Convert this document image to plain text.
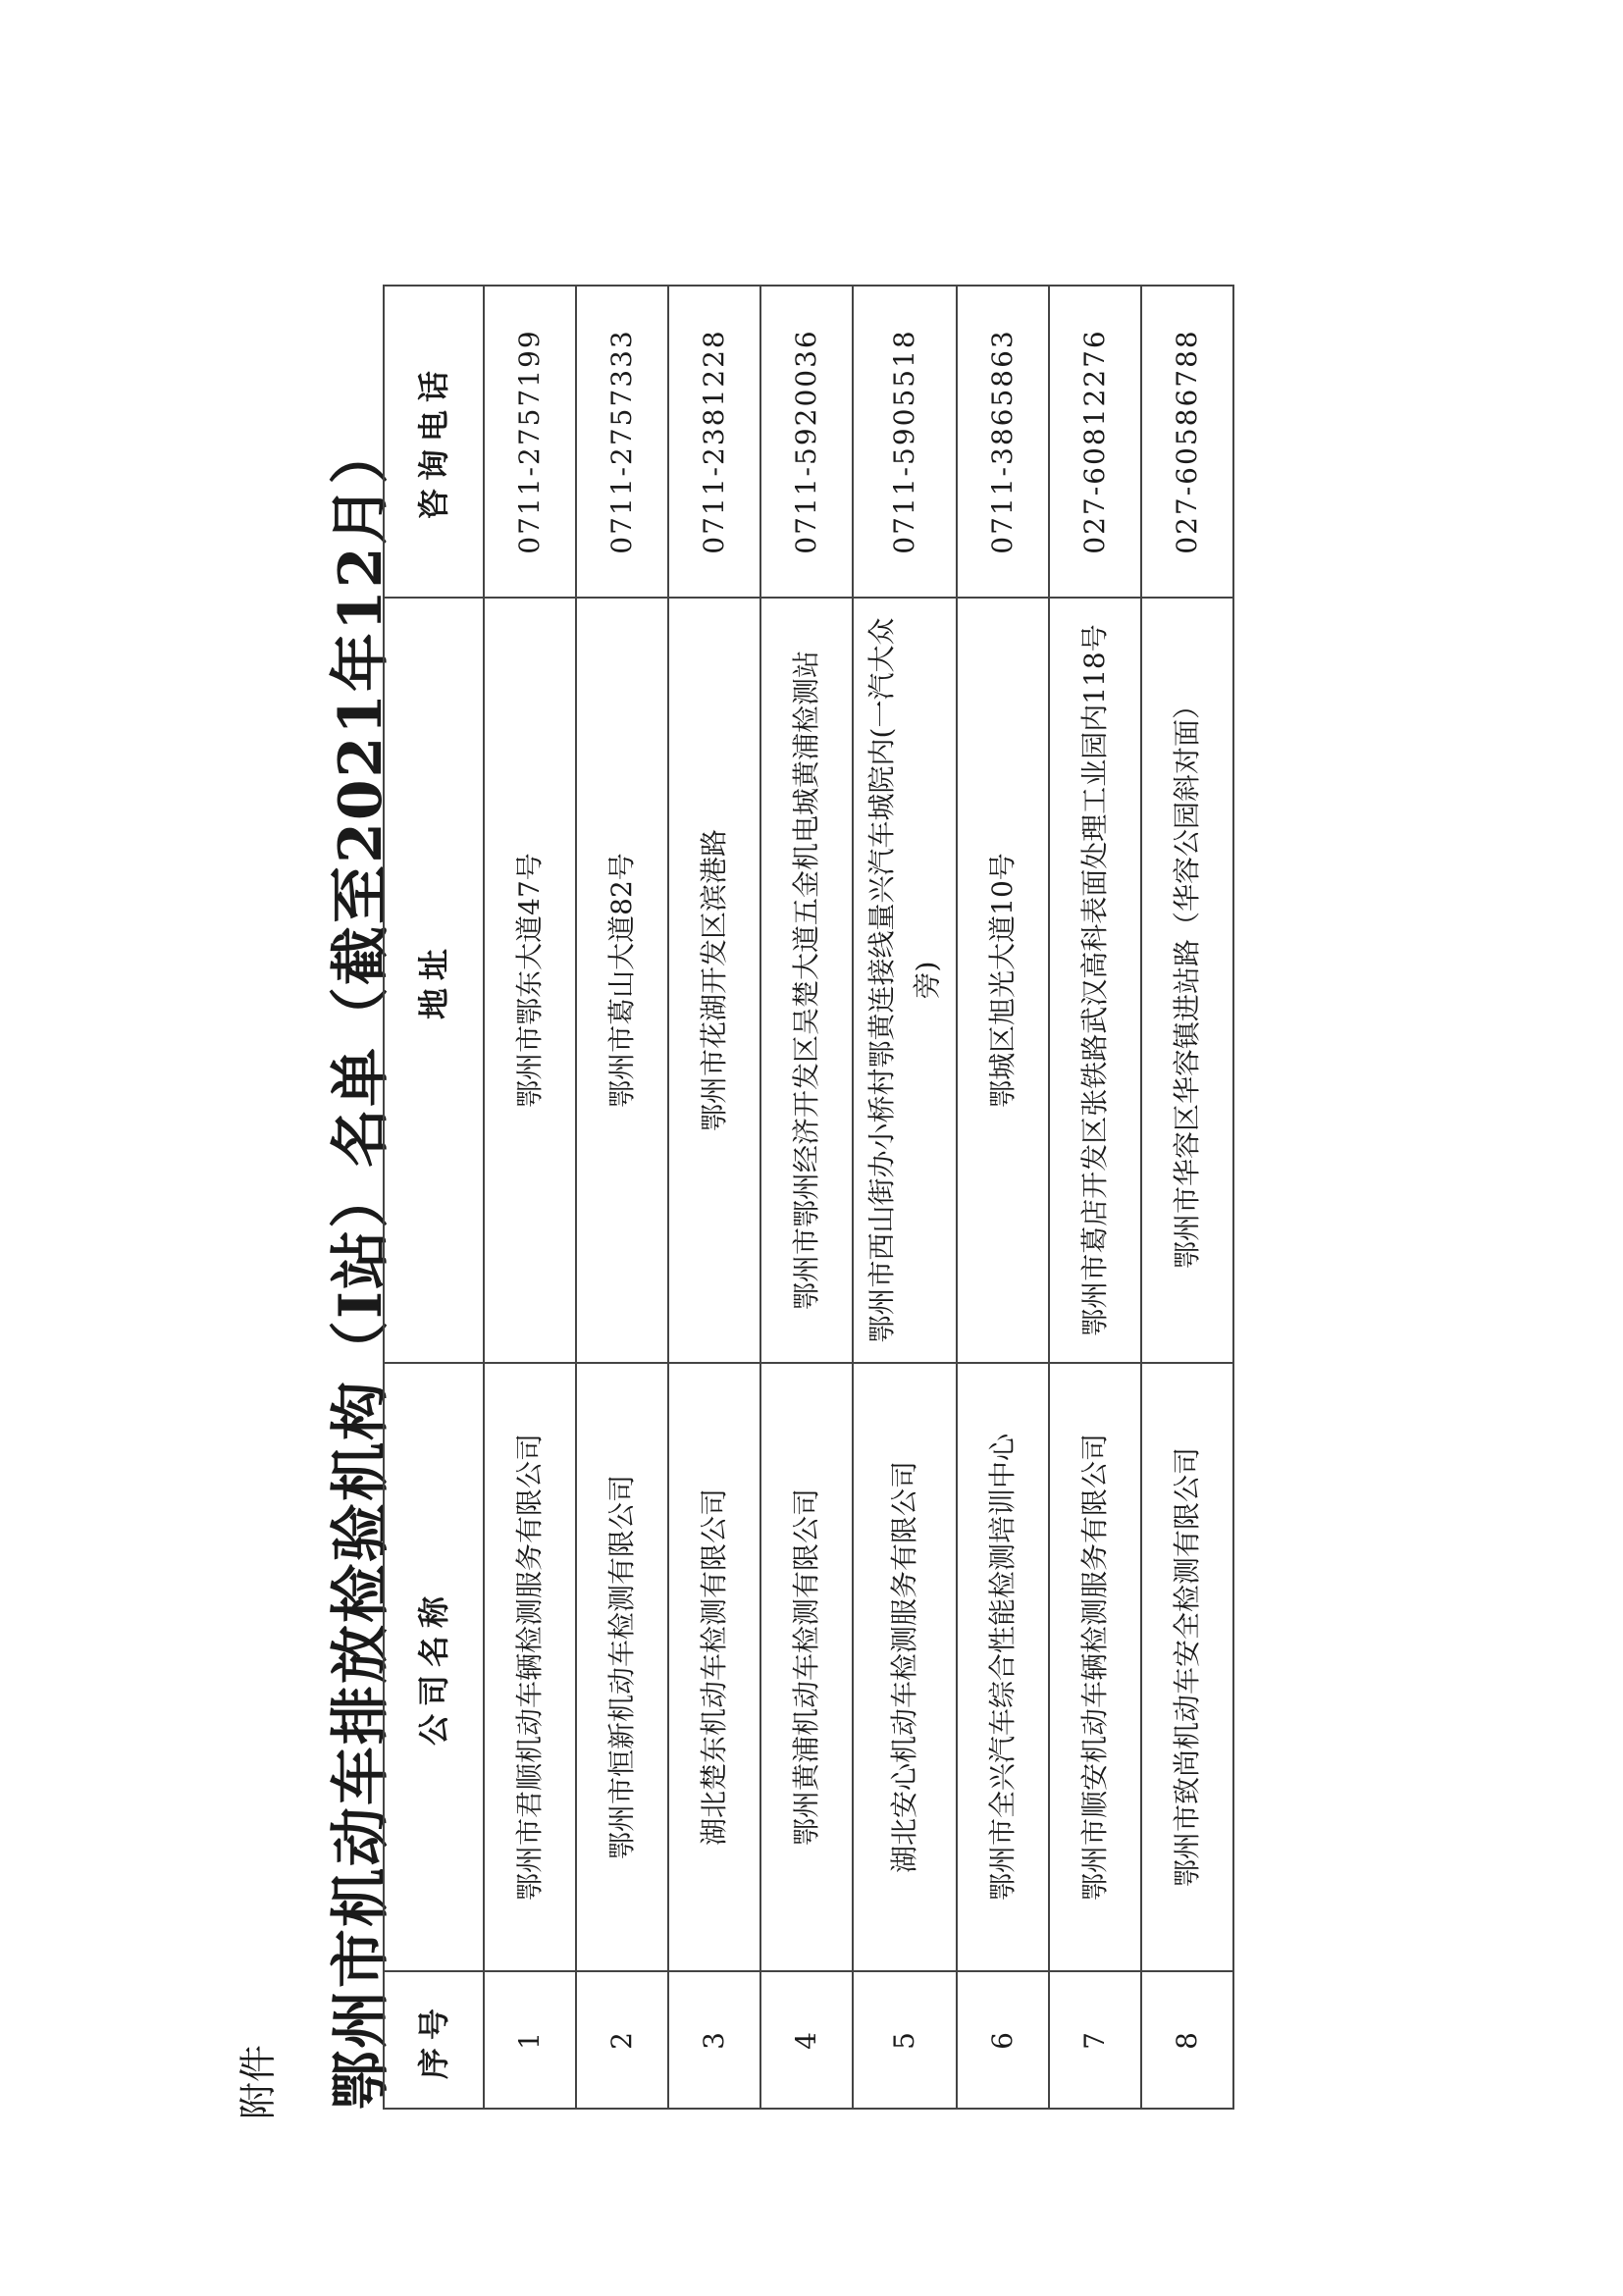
附件 鄂州市机动车排放检验机构（I站）名单（截至2021年12月） 序号	公司名称	地址	咨询电话
1	鄂州市君顺机动车辆检测服务有限公司	鄂州市鄂东大道47号	0711-2757199
2	鄂州市恒新机动车检测有限公司	鄂州市葛山大道82号	0711-2757333
3	湖北楚东机动车检测有限公司	鄂州市花湖开发区滨港路	0711-2381228
4	鄂州黄浦机动车检测有限公司	鄂州市鄂州经济开发区吴楚大道五金机电城黄浦检测站	0711-5920036
5	湖北安心机动车检测服务有限公司	鄂州市西山街办小桥村鄂黄连接线量兴汽车城院内(一汽大众旁)	0711-5905518
6	鄂州市全兴汽车综合性能检测培训中心	鄂城区旭光大道10号	0711-3865863
7	鄂州市顺安机动车辆检测服务有限公司	鄂州市葛店开发区张铁路武汉高科表面处理工业园内118号	027-60812276
8	鄂州市致尚机动车安全检测有限公司	鄂州市华容区华容镇进站路（华容公园斜对面）	027-60586788
